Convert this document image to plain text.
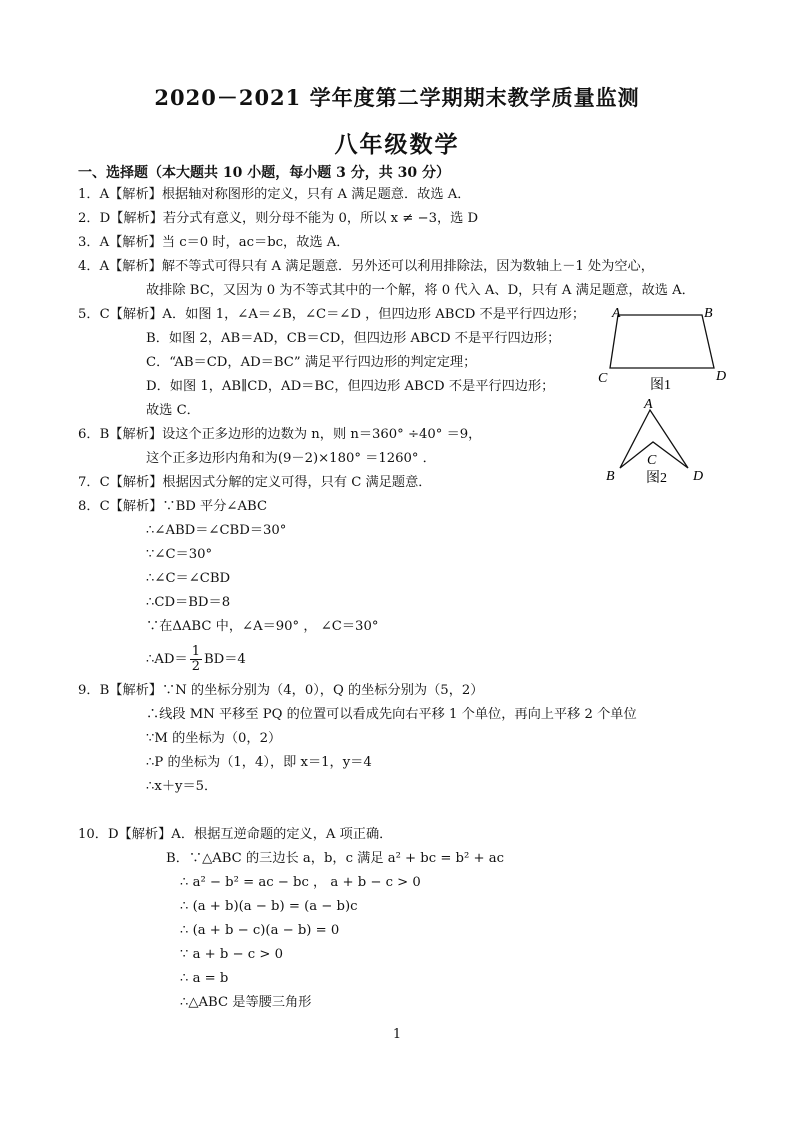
2020－2021 学年度第二学期期末教学质量监测
八年级数学
一、选择题（本大题共 10 小题，每小题 3 分，共 30 分）
1．A【解析】根据轴对称图形的定义，只有 A 满足题意．故选 A．
2．D【解析】若分式有意义，则分母不能为 0，所以 x ≠ −3，选 D
3．A【解析】当 c＝0 时，ac＝bc，故选 A．
4．A【解析】解不等式可得只有 A 满足题意．另外还可以利用排除法，因为数轴上－1 处为空心，
故排除 BC，又因为 0 为不等式其中的一个解，将 0 代入 A、D，只有 A 满足题意，故选 A．
5．C【解析】A．如图 1，∠A＝∠B，∠C＝∠D ，但四边形 ABCD 不是平行四边形；
B．如图 2，AB＝AD，CB＝CD，但四边形 ABCD 不是平行四边形；
C．“AB＝CD，AD＝BC” 满足平行四边形的判定定理；
D．如图 1，AB∥CD，AD＝BC，但四边形 ABCD 不是平行四边形；
故选 C．
A	B
C	D
图1
A
B
C
D
图2
6．B【解析】设这个正多边形的边数为 n，则 n＝360° ÷40° ＝9，
这个正多边形内角和为(9－2)×180° ＝1260° ．
7．C【解析】根据因式分解的定义可得，只有 C 满足题意．
8．C【解析】∵BD 平分∠ABC
∴∠ABD＝∠CBD＝30°
∵∠C＝30°
∴∠C＝∠CBD
∴CD＝BD＝8
∵在ΔABC 中，∠A＝90° ， ∠C＝30°
∴AD＝ $\frac{1}{2} BD=4$
9．B【解析】∵N 的坐标分别为（4，0），Q 的坐标分别为（5，2）
∴线段 MN 平移至 PQ 的位置可以看成先向右平移 1 个单位，再向上平移 2 个单位
∵M 的坐标为（0，2）
∴P 的坐标为（1，4），即 x＝1，y＝4
∴x＋y＝5．
10．D【解析】A．根据互逆命题的定义，A 项正确．
B．∵△ABC 的三边长 a，b，c 满足 a² + bc = b² + ac
∴ a² − b² = ac − bc ， a + b − c > 0
∴ (a + b)(a − b) = (a − b)c
∴ (a + b − c)(a − b) = 0
∵ a + b − c > 0
∴ a = b
∴△ABC 是等腰三角形
1
